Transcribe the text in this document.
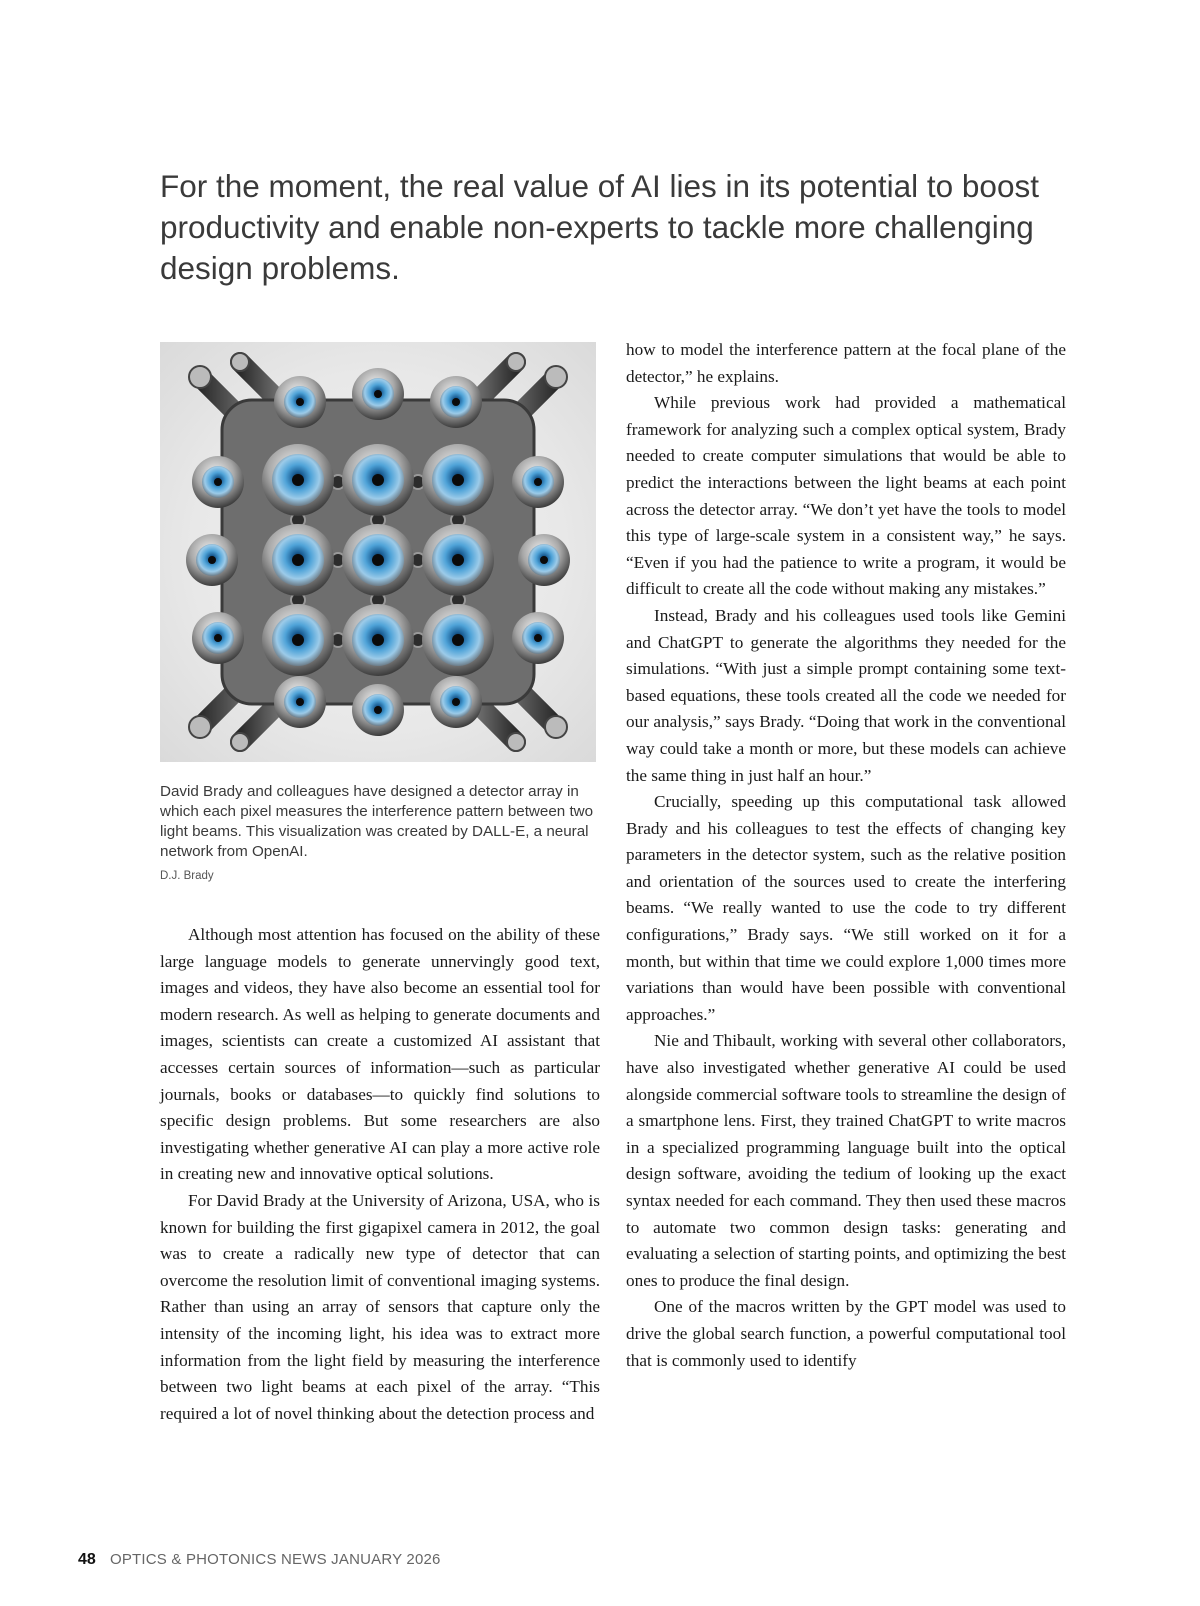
For the moment, the real value of AI lies in its potential to boost productivity and enable non-experts to tackle more challenging design problems.

David Brady and colleagues have designed a detector array in which each pixel measures the interference pattern between two light beams. This visualization was created by DALL-E, a neural network from OpenAI.

D.J. Brady

Although most attention has focused on the ability of these large language models to generate unnervingly good text, images and videos, they have also become an essential tool for modern research. As well as helping to generate documents and images, scientists can create a customized AI assistant that accesses certain sources of information—such as particular journals, books or databases—to quickly find solutions to specific design problems. But some researchers are also investigating whether generative AI can play a more active role in creating new and innovative optical solutions.

For David Brady at the University of Arizona, USA, who is known for building the first gigapixel camera in 2012, the goal was to create a radically new type of detector that can overcome the resolution limit of conventional imaging systems. Rather than using an array of sensors that capture only the intensity of the incoming light, his idea was to extract more information from the light field by measuring the interference between two light beams at each pixel of the array. “This required a lot of novel thinking about the detection process and

how to model the interference pattern at the focal plane of the detector,” he explains.

While previous work had provided a mathematical framework for analyzing such a complex optical system, Brady needed to create computer simulations that would be able to predict the interactions between the light beams at each point across the detector array. “We don’t yet have the tools to model this type of large-scale system in a consistent way,” he says. “Even if you had the patience to write a program, it would be difficult to create all the code without making any mistakes.”

Instead, Brady and his colleagues used tools like Gemini and ChatGPT to generate the algorithms they needed for the simulations. “With just a simple prompt containing some text-based equations, these tools created all the code we needed for our analysis,” says Brady. “Doing that work in the conventional way could take a month or more, but these models can achieve the same thing in just half an hour.”

Crucially, speeding up this computational task allowed Brady and his colleagues to test the effects of changing key parameters in the detector system, such as the relative position and orientation of the sources used to create the interfering beams. “We really wanted to use the code to try different configurations,” Brady says. “We still worked on it for a month, but within that time we could explore 1,000 times more variations than would have been possible with conventional approaches.”

Nie and Thibault, working with several other collaborators, have also investigated whether generative AI could be used alongside commercial software tools to streamline the design of a smartphone lens. First, they trained ChatGPT to write macros in a specialized programming language built into the optical design software, avoiding the tedium of looking up the exact syntax needed for each command. They then used these macros to automate two common design tasks: generating and evaluating a selection of starting points, and optimizing the best ones to produce the final design.

One of the macros written by the GPT model was used to drive the global search function, a powerful computational tool that is commonly used to identify

48 OPTICS & PHOTONICS NEWS JANUARY 2026
